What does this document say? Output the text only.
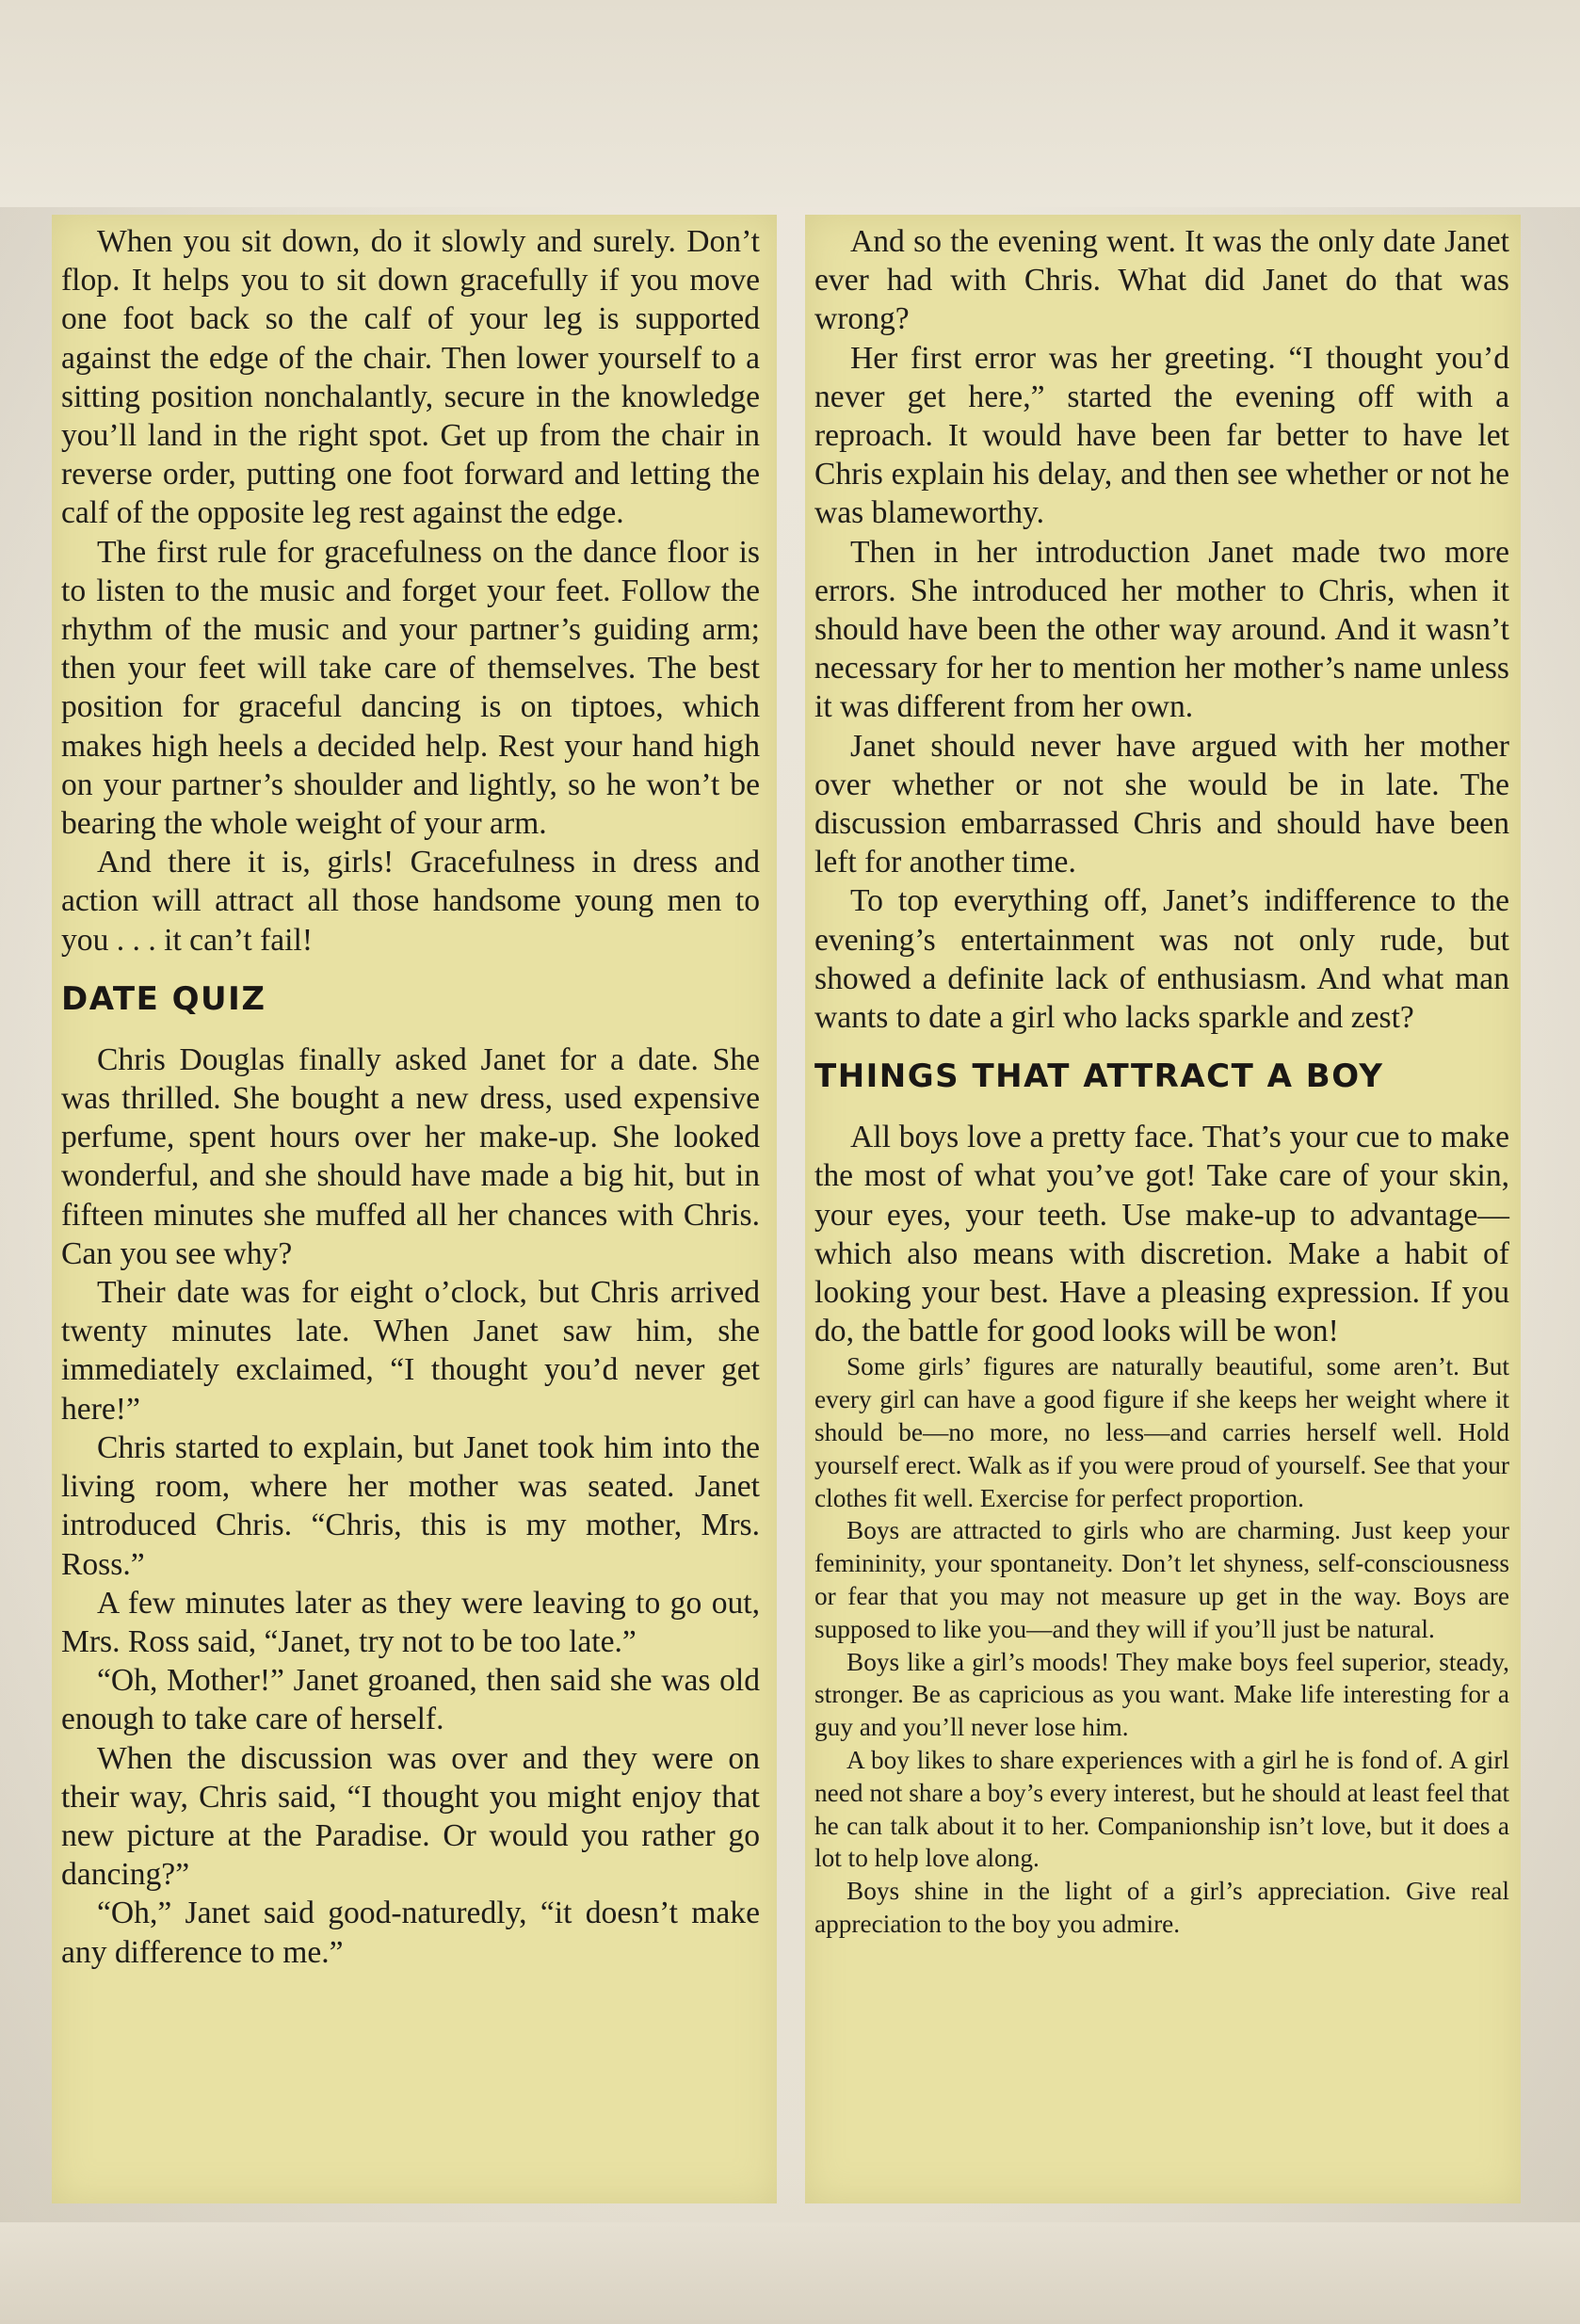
When you sit down, do it slowly and surely. Don’t flop. It helps you to sit down gracefully if you move one foot back so the calf of your leg is supported against the edge of the chair. Then lower yourself to a sitting position nonchalantly, secure in the knowledge you’ll land in the right spot. Get up from the chair in reverse order, putting one foot forward and letting the calf of the opposite leg rest against the edge.

The first rule for gracefulness on the dance floor is to listen to the music and forget your feet. Follow the rhythm of the music and your partner’s guiding arm; then your feet will take care of themselves. The best position for graceful dancing is on tiptoes, which makes high heels a decided help. Rest your hand high on your partner’s shoulder and lightly, so he won’t be bearing the whole weight of your arm.

And there it is, girls! Gracefulness in dress and action will attract all those handsome young men to you . . . it can’t fail!

DATE QUIZ

Chris Douglas finally asked Janet for a date. She was thrilled. She bought a new dress, used expensive perfume, spent hours over her make-up. She looked wonderful, and she should have made a big hit, but in fifteen minutes she muffed all her chances with Chris. Can you see why?

Their date was for eight o’clock, but Chris arrived twenty minutes late. When Janet saw him, she immediately exclaimed, “I thought you’d never get here!”

Chris started to explain, but Janet took him into the living room, where her mother was seated. Janet introduced Chris. “Chris, this is my mother, Mrs. Ross.”

A few minutes later as they were leaving to go out, Mrs. Ross said, “Janet, try not to be too late.”

“Oh, Mother!” Janet groaned, then said she was old enough to take care of herself.

When the discussion was over and they were on their way, Chris said, “I thought you might enjoy that new picture at the Paradise. Or would you rather go dancing?”

“Oh,” Janet said good-naturedly, “it doesn’t make any difference to me.”

And so the evening went. It was the only date Janet ever had with Chris. What did Janet do that was wrong?

Her first error was her greeting. “I thought you’d never get here,” started the evening off with a reproach. It would have been far better to have let Chris explain his delay, and then see whether or not he was blameworthy.

Then in her introduction Janet made two more errors. She introduced her mother to Chris, when it should have been the other way around. And it wasn’t necessary for her to mention her mother’s name unless it was different from her own.

Janet should never have argued with her mother over whether or not she would be in late. The discussion embarrassed Chris and should have been left for another time.

To top everything off, Janet’s indifference to the evening’s entertainment was not only rude, but showed a definite lack of enthusiasm. And what man wants to date a girl who lacks sparkle and zest?

THINGS THAT ATTRACT A BOY

All boys love a pretty face. That’s your cue to make the most of what you’ve got! Take care of your skin, your eyes, your teeth. Use make-up to advantage—which also means with discretion. Make a habit of looking your best. Have a pleasing expression. If you do, the battle for good looks will be won!

Some girls’ figures are naturally beautiful, some aren’t. But every girl can have a good figure if she keeps her weight where it should be—no more, no less—and carries herself well. Hold yourself erect. Walk as if you were proud of yourself. See that your clothes fit well. Exercise for perfect proportion.

Boys are attracted to girls who are charming. Just keep your femininity, your spontaneity. Don’t let shyness, self-consciousness or fear that you may not measure up get in the way. Boys are supposed to like you—and they will if you’ll just be natural.

Boys like a girl’s moods! They make boys feel superior, steady, stronger. Be as capricious as you want. Make life interesting for a guy and you’ll never lose him.

A boy likes to share experiences with a girl he is fond of. A girl need not share a boy’s every interest, but he should at least feel that he can talk about it to her. Companionship isn’t love, but it does a lot to help love along.

Boys shine in the light of a girl’s appreciation. Give real appreciation to the boy you admire.
